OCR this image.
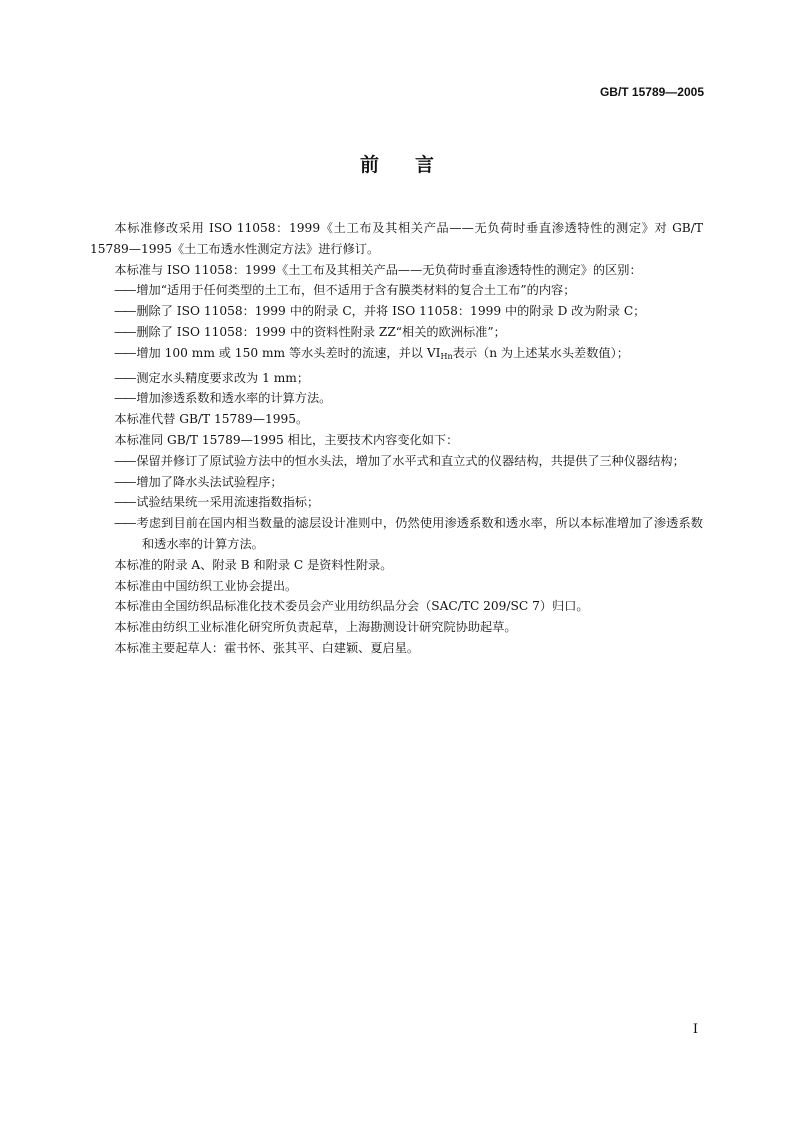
GB/T 15789—2005
前言

本标准修改采用 ISO 11058：1999《土工布及其相关产品——无负荷时垂直渗透特性的测定》对 GB/T 15789—1995《土工布透水性测定方法》进行修订。

本标准与 ISO 11058：1999《土工布及其相关产品——无负荷时垂直渗透特性的测定》的区别：

—— 增加“适用于任何类型的土工布，但不适用于含有膜类材料的复合土工布”的内容；

—— 删除了 ISO 11058：1999 中的附录 C，并将 ISO 11058：1999 中的附录 D 改为附录 C；

—— 删除了 ISO 11058：1999 中的资料性附录 ZZ“相关的欧洲标准”；

—— 增加 100 mm 或 150 mm 等水头差时的流速，并以 $VI_{Hn}$表示（n 为上述某水头差数值）；

—— 测定水头精度要求改为 1 mm；

—— 增加渗透系数和透水率的计算方法。

本标准代替 GB/T 15789—1995。

本标准同 GB/T 15789—1995 相比，主要技术内容变化如下：

—— 保留并修订了原试验方法中的恒水头法，增加了水平式和直立式的仪器结构，共提供了三种仪器结构；

—— 增加了降水头法试验程序；

—— 试验结果统一采用流速指数指标；

—— 考虑到目前在国内相当数量的滤层设计准则中，仍然使用渗透系数和透水率，所以本标准增加了渗透系数和透水率的计算方法。

本标准的附录 A、附录 B 和附录 C 是资料性附录。

本标准由中国纺织工业协会提出。

本标准由全国纺织品标准化技术委员会产业用纺织品分会（SAC/TC 209/SC 7）归口。

本标准由纺织工业标准化研究所负责起草，上海勘测设计研究院协助起草。

本标准主要起草人：霍书怀、张其平、白建颖、夏启星。

I
